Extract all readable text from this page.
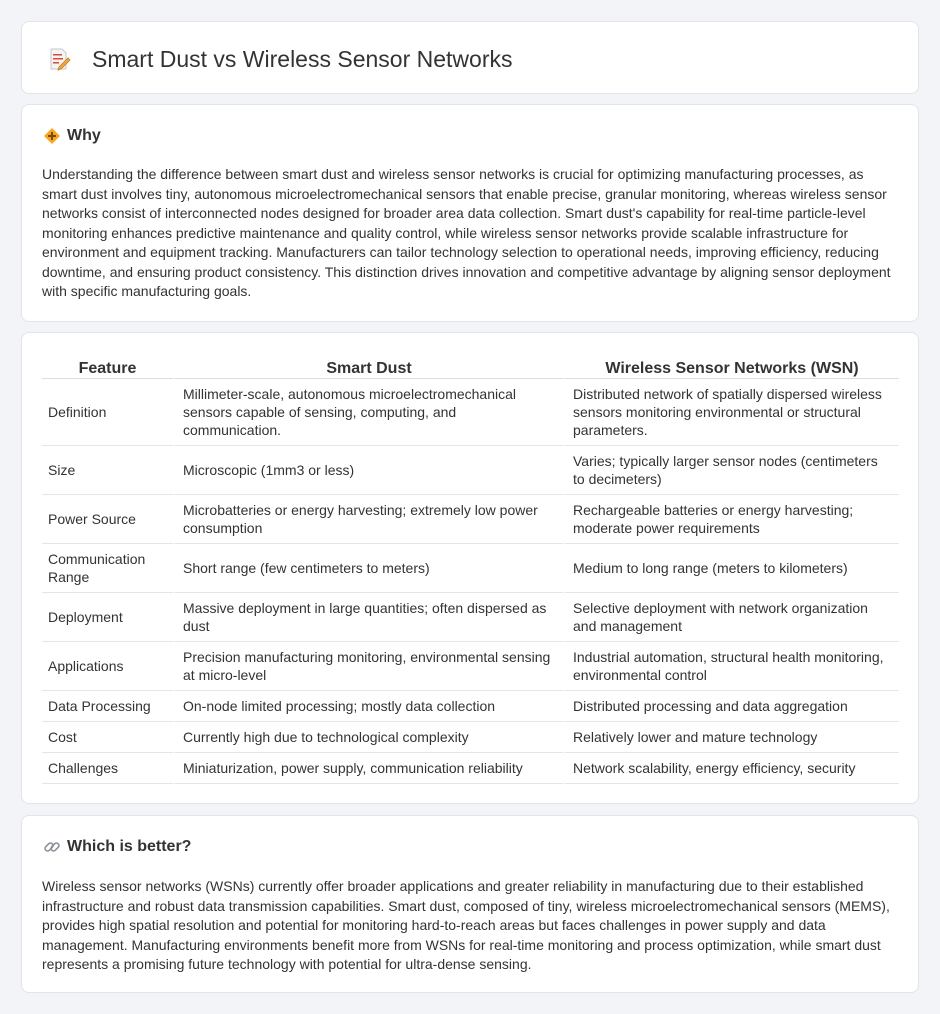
Smart Dust vs Wireless Sensor Networks
Why

Understanding the difference between smart dust and wireless sensor networks is crucial for optimizing manufacturing processes, as smart dust involves tiny, autonomous microelectromechanical sensors that enable precise, granular monitoring, whereas wireless sensor networks consist of interconnected nodes designed for broader area data collection. Smart dust's capability for real-time particle-level monitoring enhances predictive maintenance and quality control, while wireless sensor networks provide scalable infrastructure for environment and equipment tracking. Manufacturers can tailor technology selection to operational needs, improving efficiency, reducing downtime, and ensuring product consistency. This distinction drives innovation and competitive advantage by aligning sensor deployment with specific manufacturing goals.

Feature	Smart Dust	Wireless Sensor Networks (WSN)
Definition	Millimeter-scale, autonomous microelectromechanical sensors capable of sensing, computing, and communication.	Distributed network of spatially dispersed wireless sensors monitoring environmental or structural parameters.
Size	Microscopic (1mm3 or less)	Varies; typically larger sensor nodes (centimeters to decimeters)
Power Source	Microbatteries or energy harvesting; extremely low power consumption	Rechargeable batteries or energy harvesting; moderate power requirements
Communication Range	Short range (few centimeters to meters)	Medium to long range (meters to kilometers)
Deployment	Massive deployment in large quantities; often dispersed as dust	Selective deployment with network organization and management
Applications	Precision manufacturing monitoring, environmental sensing at micro-level	Industrial automation, structural health monitoring, environmental control
Data Processing	On-node limited processing; mostly data collection	Distributed processing and data aggregation
Cost	Currently high due to technological complexity	Relatively lower and mature technology
Challenges	Miniaturization, power supply, communication reliability	Network scalability, energy efficiency, security
Which is better?

Wireless sensor networks (WSNs) currently offer broader applications and greater reliability in manufacturing due to their established infrastructure and robust data transmission capabilities. Smart dust, composed of tiny, wireless microelectromechanical sensors (MEMS), provides high spatial resolution and potential for monitoring hard-to-reach areas but faces challenges in power supply and data management. Manufacturing environments benefit more from WSNs for real-time monitoring and process optimization, while smart dust represents a promising future technology with potential for ultra-dense sensing.
